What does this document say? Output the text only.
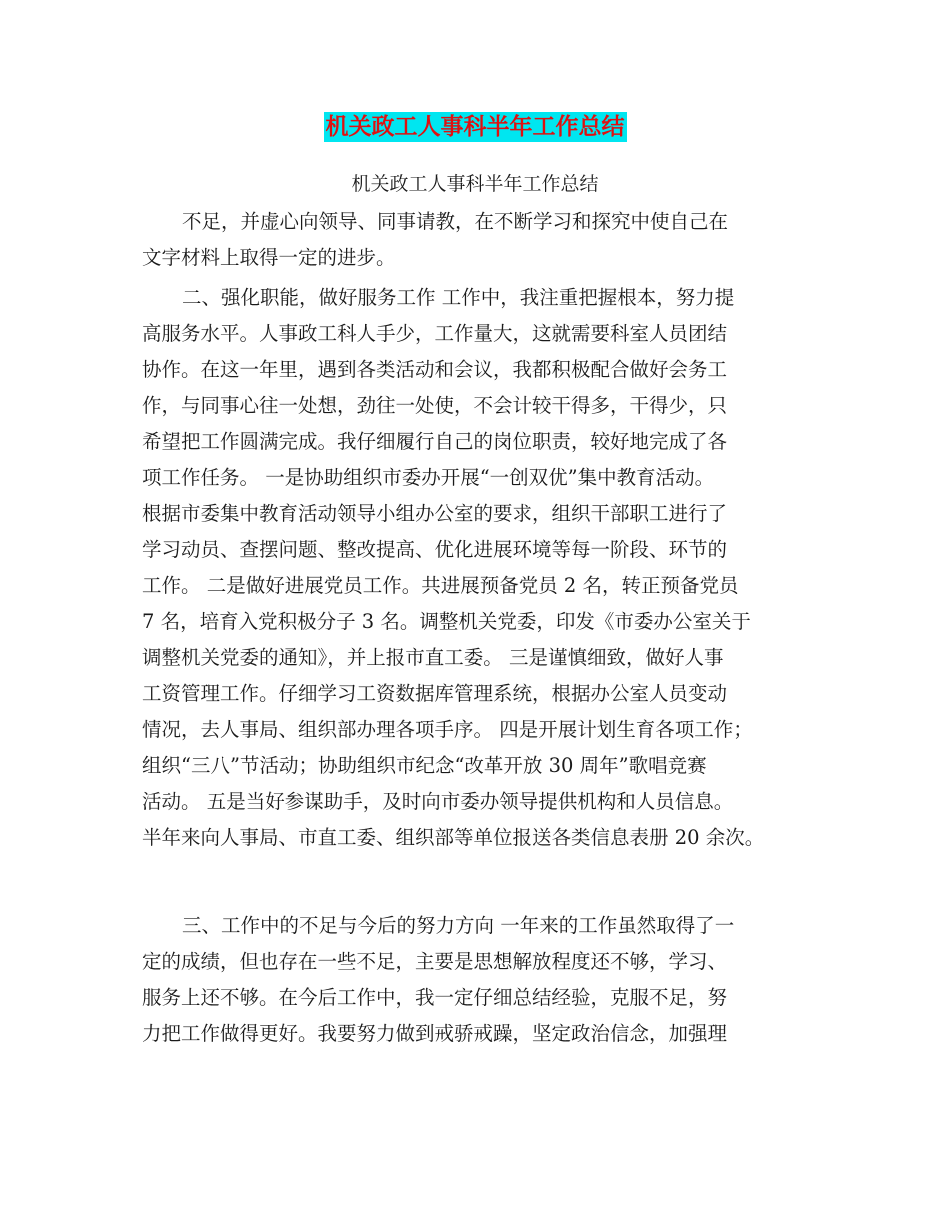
机关政工人事科半年工作总结
机关政工人事科半年工作总结
不足，并虚心向领导、同事请教，在不断学习和探究中使自己在
文字材料上取得一定的进步。
二、强化职能，做好服务工作 工作中，我注重把握根本，努力提
高服务水平。人事政工科人手少，工作量大，这就需要科室人员团结
协作。在这一年里，遇到各类活动和会议，我都积极配合做好会务工
作，与同事心往一处想，劲往一处使，不会计较干得多，干得少，只
希望把工作圆满完成。我仔细履行自己的岗位职责，较好地完成了各
项工作任务。 一是协助组织市委办开展“一创双优”集中教育活动。
根据市委集中教育活动领导小组办公室的要求，组织干部职工进行了
学习动员、查摆问题、整改提高、优化进展环境等每一阶段、环节的
工作。 二是做好进展党员工作。共进展预备党员 2 名，转正预备党员
7 名，培育入党积极分子 3 名。调整机关党委，印发《市委办公室关于
调整机关党委的通知》，并上报市直工委。 三是谨慎细致，做好人事
工资管理工作。仔细学习工资数据库管理系统，根据办公室人员变动
情况，去人事局、组织部办理各项手序。 四是开展计划生育各项工作；
组织“三八”节活动；协助组织市纪念“改革开放 30 周年”歌唱竞赛
活动。 五是当好参谋助手，及时向市委办领导提供机构和人员信息。
半年来向人事局、市直工委、组织部等单位报送各类信息表册 20 余次。
三、工作中的不足与今后的努力方向 一年来的工作虽然取得了一
定的成绩，但也存在一些不足，主要是思想解放程度还不够，学习、
服务上还不够。在今后工作中，我一定仔细总结经验，克服不足，努
力把工作做得更好。我要努力做到戒骄戒躁，坚定政治信念，加强理
